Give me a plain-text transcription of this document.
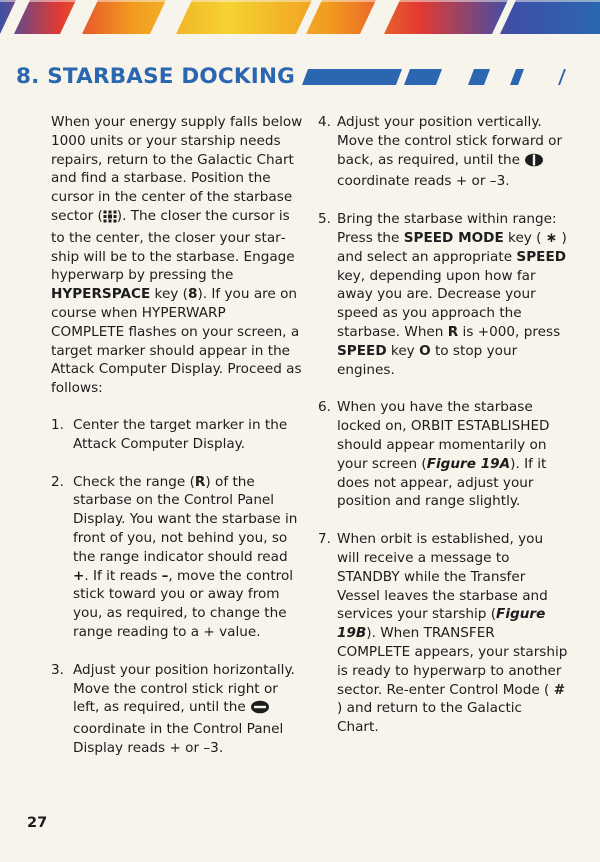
8. STARBASE DOCKING

When your energy supply falls below 1000 units or your starship needs repairs, return to the Galactic Chart and find a starbase. Position the cursor in the center of the starbase sector ( ). The closer the cursor is to the center, the closer your starship will be to the starbase. Engage hyperwarp by pressing the HYPERSPACE key (8). If you are on course when HYPERWARP COMPLETE flashes on your screen, a target marker should appear in the Attack Computer Display. Proceed as follows:

1. Center the target marker in the Attack Computer Display.
2. Check the range (R) of the starbase on the Control Panel Display. You want the starbase in front of you, not behind you, so the range indicator should read +. If it reads –, move the control stick toward you or away from you, as required, to change the range reading to a + value.
3. Adjust your position horizontally. Move the control stick right or left, as required, until the  coordinate in the Control Panel Display reads + or –3.
4. Adjust your position vertically. Move the control stick forward or back, as required, until the  coordinate reads + or –3.
5. Bring the starbase within range: Press the SPEED MODE key ( ∗ ) and select an appropriate SPEED key, depending upon how far away you are. Decrease your speed as you approach the starbase. When R is +000, press SPEED key O to stop your engines.
6. When you have the starbase locked on, ORBIT ESTABLISHED should appear momentarily on your screen (Figure 19A). If it does not appear, adjust your position and range slightly.
7. When orbit is established, you will receive a message to STANDBY while the Transfer Vessel leaves the starbase and services your starship (Figure 19B). When TRANSFER COMPLETE appears, your starship is ready to hyperwarp to another sector. Re-enter Control Mode ( # ) and return to the Galactic Chart.
27
